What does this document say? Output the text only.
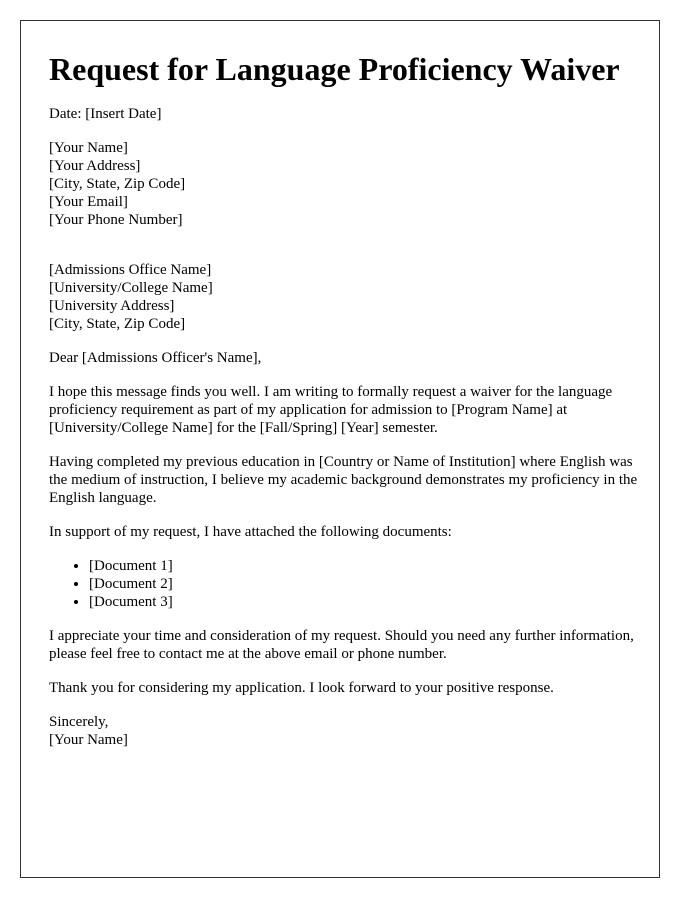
Request for Language Proficiency Waiver

Date: [Insert Date]

[Your Name]
[Your Address]
[City, State, Zip Code]
[Your Email]
[Your Phone Number]

[Admissions Office Name]
[University/College Name]
[University Address]
[City, State, Zip Code]

Dear [Admissions Officer's Name],

I hope this message finds you well. I am writing to formally request a waiver for the language proficiency requirement as part of my application for admission to [Program Name] at [University/College Name] for the [Fall/Spring] [Year] semester.

Having completed my previous education in [Country or Name of Institution] where English was the medium of instruction, I believe my academic background demonstrates my proficiency in the English language.

In support of my request, I have attached the following documents:

• [Document 1]
• [Document 2]
• [Document 3]

I appreciate your time and consideration of my request. Should you need any further information, please feel free to contact me at the above email or phone number.

Thank you for considering my application. I look forward to your positive response.

Sincerely,
[Your Name]
